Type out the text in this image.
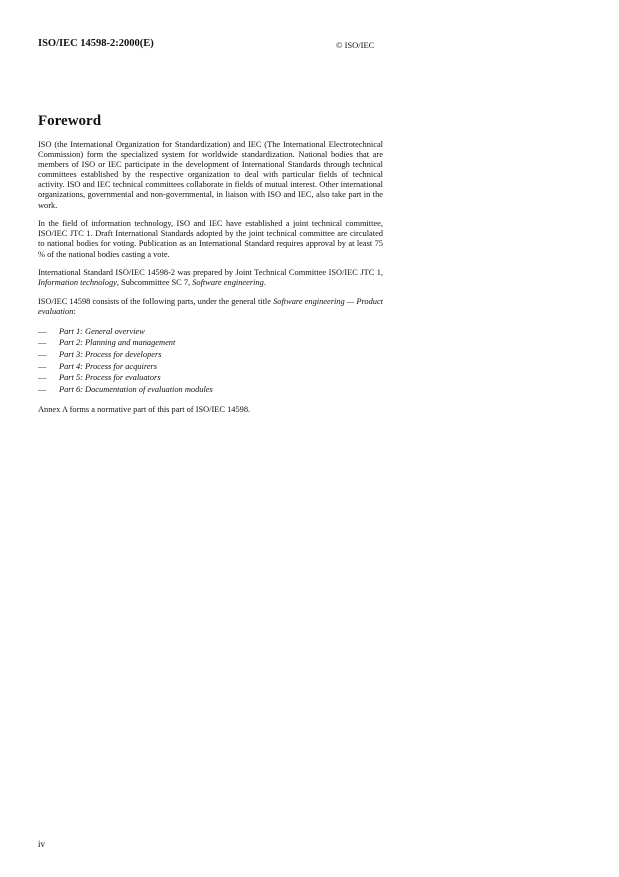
ISO/IEC 14598-2:2000(E)	© ISO/IEC
Foreword

ISO (the International Organization for Standardization) and IEC (The International Electrotechnical Commission) form the specialized system for worldwide standardization. National bodies that are members of ISO or IEC participate in the development of International Standards through technical committees established by the respective organization to deal with particular fields of technical activity. ISO and IEC technical committees collaborate in fields of mutual interest. Other international organizations, governmental and non-governmental, in liaison with ISO and IEC, also take part in the work.

In the field of information technology, ISO and IEC have established a joint technical committee, ISO/IEC JTC 1. Draft International Standards adopted by the joint technical committee are circulated to national bodies for voting. Publication as an International Standard requires approval by at least 75 % of the national bodies casting a vote.

International Standard ISO/IEC 14598-2 was prepared by Joint Technical Committee ISO/IEC JTC 1, Information technology, Subcommittee SC 7, Software engineering.

ISO/IEC 14598 consists of the following parts, under the general title Software engineering — Product evaluation:

—	Part 1: General overview
—	Part 2: Planning and management
—	Part 3: Process for developers
—	Part 4: Process for acquirers
—	Part 5: Process for evaluators
—	Part 6: Documentation of evaluation modules

Annex A forms a normative part of this part of ISO/IEC 14598.

iv
